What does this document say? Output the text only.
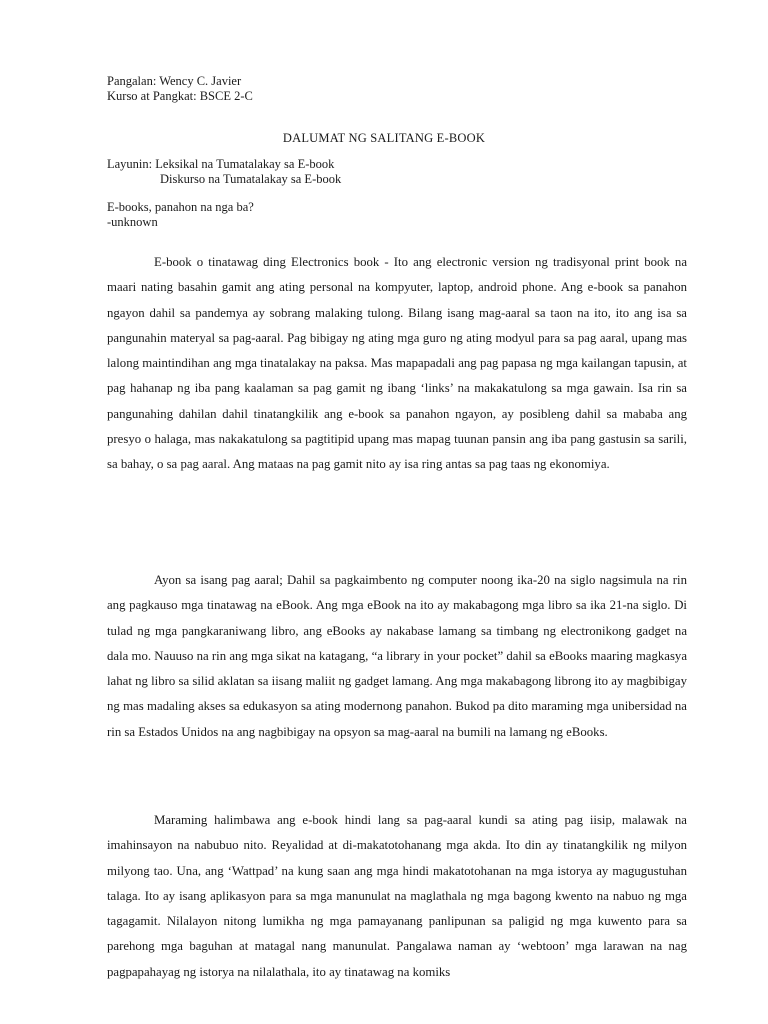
Pangalan: Wency C. Javier
Kurso at Pangkat: BSCE 2-C
DALUMAT NG SALITANG E-BOOK
Layunin: Leksikal na Tumatalakay sa E-book
Diskurso na Tumatalakay sa E-book
E-books, panahon na nga ba?
-unknown

E-book o tinatawag ding Electronics book - Ito ang electronic version ng tradisyonal print book na maari nating basahin gamit ang ating personal na kompyuter, laptop, android phone. Ang e-book sa panahon ngayon dahil sa pandemya ay sobrang malaking tulong. Bilang isang mag-aaral sa taon na ito, ito ang isa sa pangunahin materyal sa pag-aaral. Pag bibigay ng ating mga guro ng ating modyul para sa pag aaral, upang mas lalong maintindihan ang mga tinatalakay na paksa. Mas mapapadali ang pag papasa ng mga kailangan tapusin, at pag hahanap ng iba pang kaalaman sa pag gamit ng ibang ‘links’ na makakatulong sa mga gawain. Isa rin sa pangunahing dahilan dahil tinatangkilik ang e-book sa panahon ngayon, ay posibleng dahil sa mababa ang presyo o halaga, mas nakakatulong sa pagtitipid upang mas mapag tuunan pansin ang iba pang gastusin sa sarili, sa bahay, o sa pag aaral. Ang mataas na pag gamit nito ay isa ring antas sa pag taas ng ekonomiya.

Ayon sa isang pag aaral; Dahil sa pagkaimbento ng computer noong ika-20 na siglo nagsimula na rin ang pagkauso mga tinatawag na eBook. Ang mga eBook na ito ay makabagong mga libro sa ika 21-na siglo. Di tulad ng mga pangkaraniwang libro, ang eBooks ay nakabase lamang sa timbang ng electronikong gadget na dala mo. Nauuso na rin ang mga sikat na katagang, “a library in your pocket” dahil sa eBooks maaring magkasya lahat ng libro sa silid aklatan sa iisang maliit ng gadget lamang. Ang mga makabagong librong ito ay magbibigay ng mas madaling akses sa edukasyon sa ating modernong panahon. Bukod pa dito maraming mga unibersidad na rin sa Estados Unidos na ang nagbibigay na opsyon sa mag-aaral na bumili na lamang ng eBooks.

Maraming halimbawa ang e-book hindi lang sa pag-aaral kundi sa ating pag iisip, malawak na imahinsayon na nabubuo nito. Reyalidad at di-makatotohanang mga akda. Ito din ay tinatangkilik ng milyon milyong tao. Una, ang ‘Wattpad’ na kung saan ang mga hindi makatotohanan na mga istorya ay magugustuhan talaga. Ito ay isang aplikasyon para sa mga manunulat na maglathala ng mga bagong kwento na nabuo ng mga tagagamit. Nilalayon nitong lumikha ng mga pamayanang panlipunan sa paligid ng mga kuwento para sa parehong mga baguhan at matagal nang manunulat. Pangalawa naman ay ‘webtoon’ mga larawan na nag pagpapahayag ng istorya na nilalathala, ito ay tinatawag na komiks
